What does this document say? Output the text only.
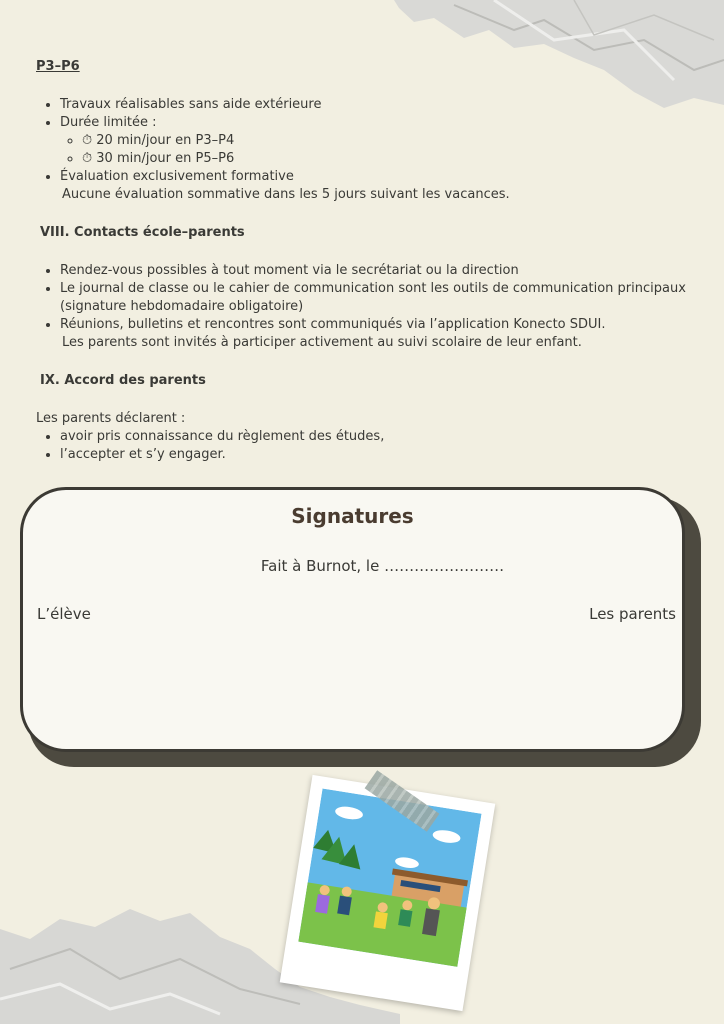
P3–P6
• Travaux réalisables sans aide extérieure
• Durée limitée :
◦ ⏱ 20 min/jour en P3–P4
◦ ⏱ 30 min/jour en P5–P6
• Évaluation exclusivement formative
Aucune évaluation sommative dans les 5 jours suivant les vacances.
VIII. Contacts école–parents
• Rendez-vous possibles à tout moment via le secrétariat ou la direction
• Le journal de classe ou le cahier de communication sont les outils de communication principaux (signature hebdomadaire obligatoire)
• Réunions, bulletins et rencontres sont communiqués via l’application Konecto SDUI.
Les parents sont invités à participer activement au suivi scolaire de leur enfant.
IX. Accord des parents
Les parents déclarent :
• avoir pris connaissance du règlement des études,
• l’accepter et s’y engager.
Signatures
Fait à Burnot, le ……………………
L’élève	Les parents
